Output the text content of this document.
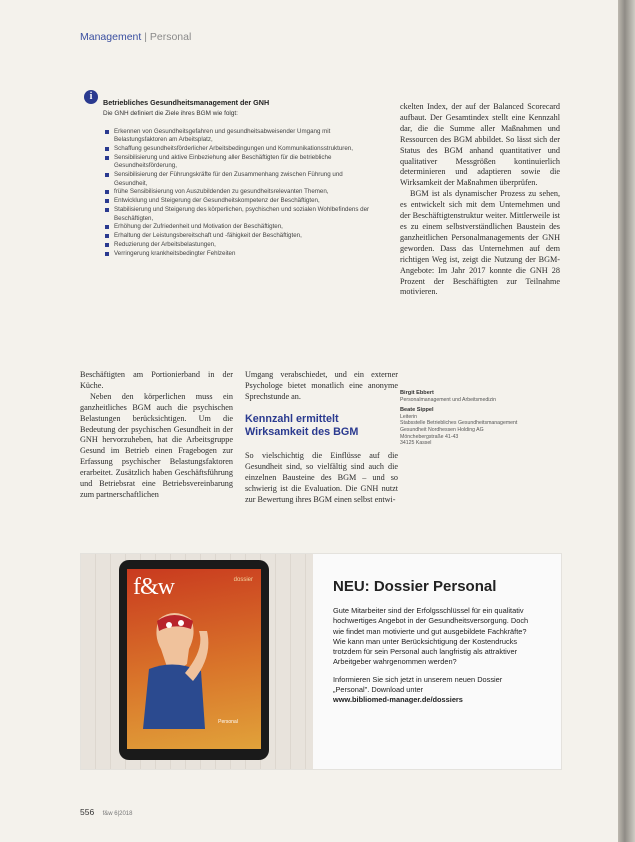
Management | Personal
i
Betriebliches Gesundheitsmanagement der GNH
Die GNH definiert die Ziele ihres BGM wie folgt:
Erkennen von Gesundheitsgefahren und gesundheitsabweisender Umgang mit Belastungsfaktoren am Arbeitsplatz,
Schaffung gesundheitsförderlicher Arbeitsbedingungen und Kommunikationsstrukturen,
Sensibilisierung und aktive Einbeziehung aller Beschäftigten für die betriebliche Gesundheitsförderung,
Sensibilisierung der Führungskräfte für den Zusammenhang zwischen Führung und Gesundheit,
frühe Sensibilisierung von Auszubildenden zu gesundheitsrelevanten Themen,
Entwicklung und Steigerung der Gesundheitskompetenz der Beschäftigten,
Stabilisierung und Steigerung des körperlichen, psychischen und sozialen Wohlbefindens der Beschäftigten,
Erhöhung der Zufriedenheit und Motivation der Beschäftigten,
Erhaltung der Leistungsbereitschaft und -fähigkeit der Beschäftigten,
Reduzierung der Arbeitsbelastungen,
Verringerung krankheitsbedingter Fehlzeiten

ckelten Index, der auf der Balanced Scorecard aufbaut. Der Gesamtindex stellt eine Kennzahl dar, die die Summe aller Maßnahmen und Ressourcen des BGM abbildet. So lässt sich der Status des BGM anhand quantitativer und qualitativer Messgrößen kontinuierlich determinieren und adaptieren sowie die Wirksamkeit der Maßnahmen überprüfen.

BGM ist als dynamischer Prozess zu sehen, es entwickelt sich mit dem Unternehmen und der Beschäftigtenstruktur weiter. Mittlerweile ist es zu einem selbstverständlichen Baustein des ganzheitlichen Personalmanagements der GNH geworden. Dass das Unternehmen auf dem richtigen Weg ist, zeigt die Nutzung der BGM-Angebote: Im Jahr 2017 konnte die GNH 28 Prozent der Beschäftigten zur Teilnahme motivieren.

Birgit Ebbert
Personalmanagement und Arbeitsmedizin
Beate Sippel
Leiterin
Stabsstelle Betriebliches Gesundheitsmanagement
Gesundheit Nordhessen Holding AG
Mönchebergstraße 41-43
34125 Kassel

Beschäftigten am Portionierband in der Küche.

Neben den körperlichen muss ein ganzheitliches BGM auch die psychischen Belastungen berücksichtigen. Um die Bedeutung der psychischen Gesundheit in der GNH hervorzuheben, hat die Arbeitsgruppe Gesund im Betrieb einen Fragebogen zur Erfassung psychischer Belastungsfaktoren erarbeitet. Zusätzlich haben Geschäftsführung und Betriebsrat eine Betriebsvereinbarung zum partnerschaftlichen

Umgang verabschiedet, und ein externer Psychologe bietet monatlich eine anonyme Sprechstunde an.

Kennzahl ermittelt
Wirksamkeit des BGM

So vielschichtig die Einflüsse auf die Gesundheit sind, so vielfältig sind auch die einzelnen Bausteine des BGM – und so schwierig ist die Evaluation. Die GNH nutzt zur Bewertung ihres BGM einen selbst entwi-

f&w	dossier
Personal
NEU: Dossier Personal

Gute Mitarbeiter sind der Erfolgsschlüssel für ein qualitativ hochwertiges Angebot in der Gesundheitsversorgung. Doch wie findet man motivierte und gut ausgebildete Fachkräfte? Wie kann man unter Berücksichtigung der Kostendrucks trotzdem für sein Personal auch langfristig als attraktiver Arbeitgeber wahrgenommen werden?

Informieren Sie sich jetzt in unserem neuen Dossier „Personal". Download unter
www.bibliomed-manager.de/dossiers

556 f&w 6|2018
